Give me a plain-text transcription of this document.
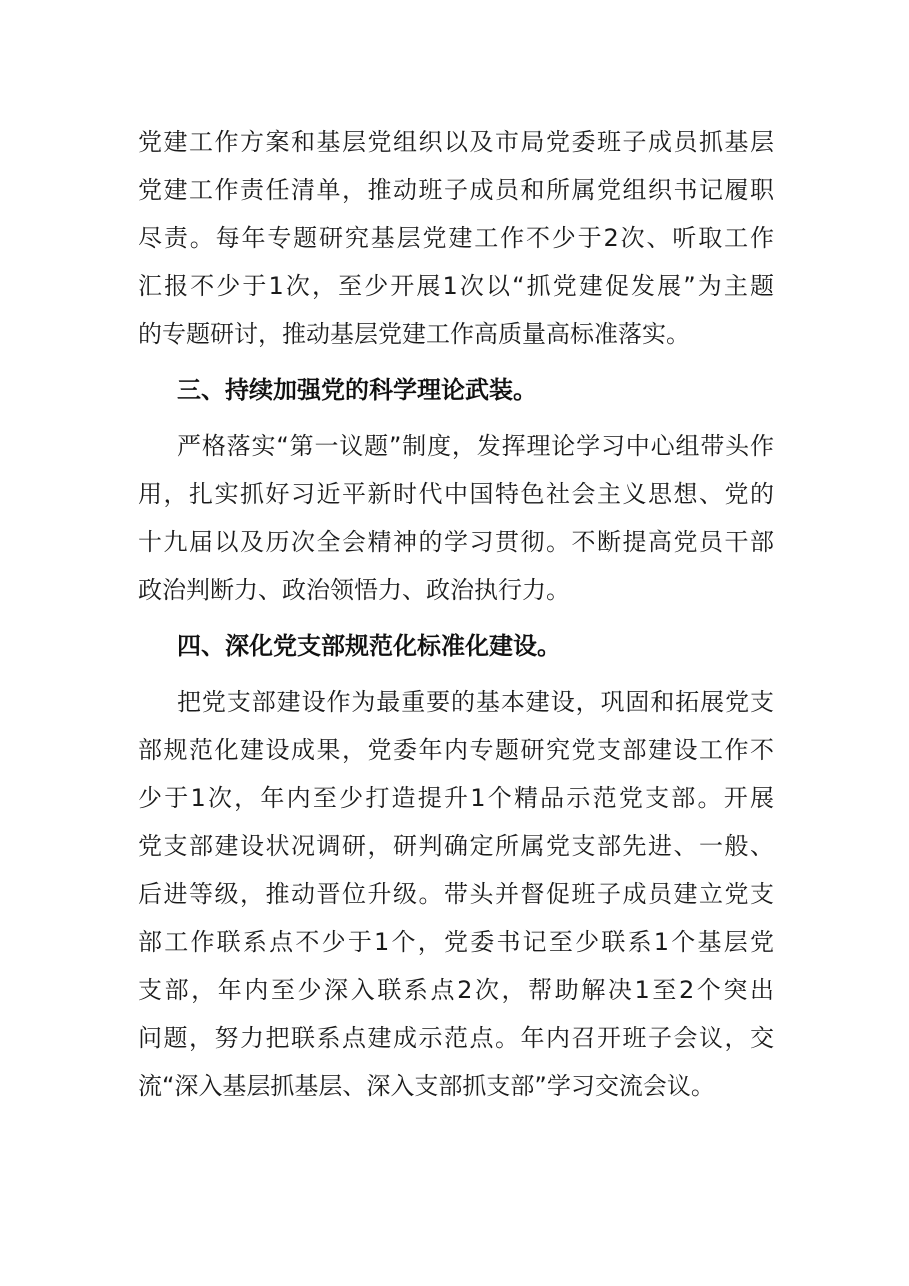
党建工作方案和基层党组织以及市局党委班子成员抓基层
党建工作责任清单，推动班子成员和所属党组织书记履职
尽责。每年专题研究基层党建工作不少于2次、听取工作
汇报不少于1次，至少开展1次以“抓党建促发展”为主题
的专题研讨，推动基层党建工作高质量高标准落实。
三、持续加强党的科学理论武装。
严格落实“第一议题”制度，发挥理论学习中心组带头作
用，扎实抓好习近平新时代中国特色社会主义思想、党的
十九届以及历次全会精神的学习贯彻。不断提高党员干部
政治判断力、政治领悟力、政治执行力。
四、深化党支部规范化标准化建设。
把党支部建设作为最重要的基本建设，巩固和拓展党支
部规范化建设成果，党委年内专题研究党支部建设工作不
少于1次，年内至少打造提升1个精品示范党支部。开展
党支部建设状况调研，研判确定所属党支部先进、一般、
后进等级，推动晋位升级。带头并督促班子成员建立党支
部工作联系点不少于1个，党委书记至少联系1个基层党
支部，年内至少深入联系点2次，帮助解决1至2个突出
问题，努力把联系点建成示范点。年内召开班子会议，交
流“深入基层抓基层、深入支部抓支部”学习交流会议。
